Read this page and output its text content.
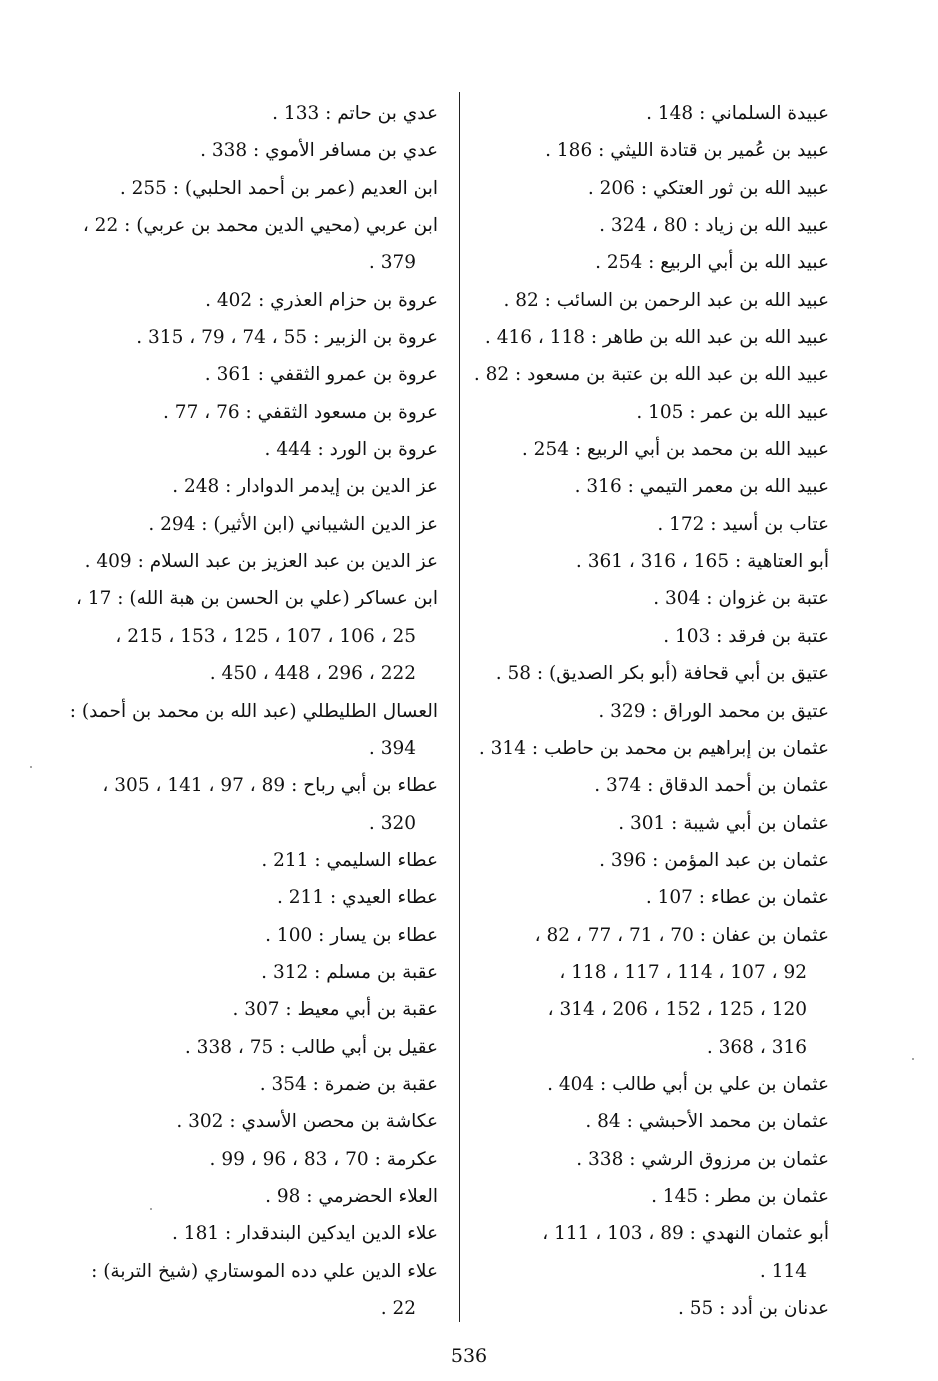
عبيدة السلماني : 148 .
عبيد بن عُمير بن قتادة الليثي : 186 .
عبيد الله بن ثور العتكي : 206 .
عبيد الله بن زياد : 80 ، 324 .
عبيد الله بن أبي الربيع : 254 .
عبيد الله بن عبد الرحمن بن السائب : 82 .
عبيد الله بن عبد الله بن طاهر : 118 ، 416 .
عبيد الله بن عبد الله بن عتبة بن مسعود : 82 .
عبيد الله بن عمر : 105 .
عبيد الله بن محمد بن أبي الربيع : 254 .
عبيد الله بن معمر التيمي : 316 .
عتاب بن أسيد : 172 .
أبو العتاهية : 165 ، 316 ، 361 .
عتبة بن غزوان : 304 .
عتبة بن فرقد : 103 .
عتيق بن أبي قحافة (أبو بكر الصديق) : 58 .
عتيق بن محمد الوراق : 329 .
عثمان بن إبراهيم بن محمد بن حاطب : 314 .
عثمان بن أحمد الدقاق : 374 .
عثمان بن أبي شيبة : 301 .
عثمان بن عبد المؤمن : 396 .
عثمان بن عطاء : 107 .
عثمان بن عفان : 70 ، 71 ، 77 ، 82 ،
92 ، 107 ، 114 ، 117 ، 118 ،
120 ، 125 ، 152 ، 206 ، 314 ،
316 ، 368 .
عثمان بن علي بن أبي طالب : 404 .
عثمان بن محمد الأحبشي : 84 .
عثمان بن مرزوق الرشي : 338 .
عثمان بن مطر : 145 .
أبو عثمان النهدي : 89 ، 103 ، 111 ،
114 .
عدنان بن أدد : 55 .
عدي بن حاتم : 133 .
عدي بن مسافر الأموي : 338 .
ابن العديم (عمر بن أحمد الحلبي) : 255 .
ابن عربي (محيي الدين محمد بن عربي) : 22 ،
379 .
عروة بن حزام العذري : 402 .
عروة بن الزبير : 55 ، 74 ، 79 ، 315 .
عروة بن عمرو الثقفي : 361 .
عروة بن مسعود الثقفي : 76 ، 77 .
عروة بن الورد : 444 .
عز الدين بن إيدمر الدوادار : 248 .
عز الدين الشيباني (ابن الأثير) : 294 .
عز الدين بن عبد العزيز بن عبد السلام : 409 .
ابن عساكر (علي بن الحسن بن هبة الله) : 17 ،
25 ، 106 ، 107 ، 125 ، 153 ، 215 ،
222 ، 296 ، 448 ، 450 .
العسال الطليطلي (عبد الله بن محمد بن أحمد) :
394 .
عطاء بن أبي رباح : 89 ، 97 ، 141 ، 305 ،
320 .
عطاء السليمي : 211 .
عطاء العيدي : 211 .
عطاء بن يسار : 100 .
عقبة بن مسلم : 312 .
عقبة بن أبي معيط : 307 .
عقيل بن أبي طالب : 75 ، 338 .
عقبة بن ضمرة : 354 .
عكاشة بن محصن الأسدي : 302 .
عكرمة : 70 ، 83 ، 96 ، 99 .
العلاء الحضرمي : 98 .
علاء الدين ايدكين البندقدار : 181 .
علاء الدين علي دده الموستاري (شيخ التربة) :
22 .
536
